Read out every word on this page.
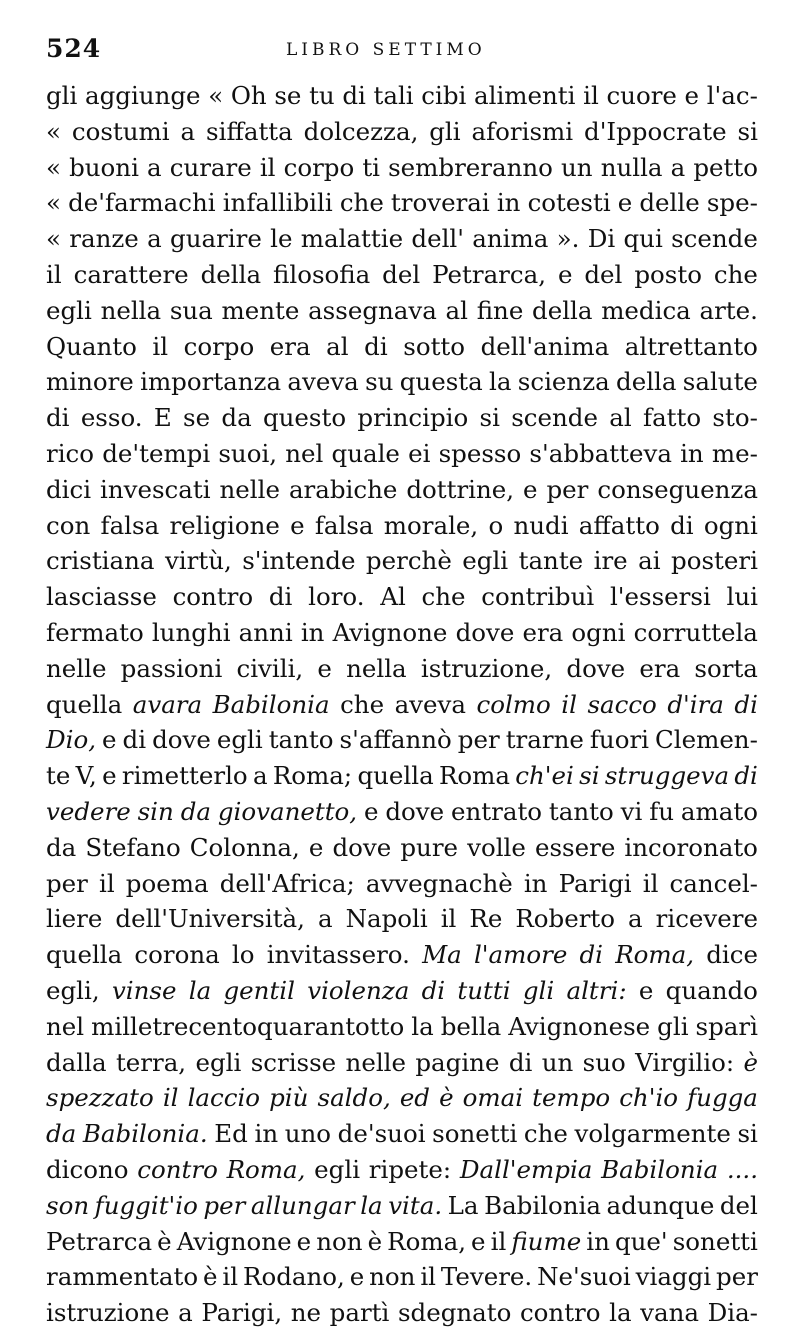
524	LIBRO SETTIMO
gli aggiunge « Oh se tu di tali cibi alimenti il cuore e l'ac-
« costumi a siffatta dolcezza, gli aforismi d'Ippocrate si
« buoni a curare il corpo ti sembreranno un nulla a petto
« de'farmachi infallibili che troverai in cotesti e delle spe-
« ranze a guarire le malattie dell' anima ». Di qui scende
il carattere della filosofia del Petrarca, e del posto che
egli nella sua mente assegnava al fine della medica arte.
Quanto il corpo era al di sotto dell'anima altrettanto
minore importanza aveva su questa la scienza della salute
di esso. E se da questo principio si scende al fatto sto-
rico de'tempi suoi, nel quale ei spesso s'abbatteva in me-
dici invescati nelle arabiche dottrine, e per conseguenza
con falsa religione e falsa morale, o nudi affatto di ogni
cristiana virtù, s'intende perchè egli tante ire ai posteri
lasciasse contro di loro. Al che contribuì l'essersi lui
fermato lunghi anni in Avignone dove era ogni corruttela
nelle passioni civili, e nella istruzione, dove era sorta
quella avara Babilonia che aveva colmo il sacco d'ira di
Dio, e di dove egli tanto s'affannò per trarne fuori Clemen-
te V, e rimetterlo a Roma; quella Roma ch'ei si struggeva di
vedere sin da giovanetto, e dove entrato tanto vi fu amato
da Stefano Colonna, e dove pure volle essere incoronato
per il poema dell'Africa; avvegnachè in Parigi il cancel-
liere dell'Università, a Napoli il Re Roberto a ricevere
quella corona lo invitassero. Ma l'amore di Roma, dice
egli, vinse la gentil violenza di tutti gli altri: e quando
nel milletrecentoquarantotto la bella Avignonese gli sparì
dalla terra, egli scrisse nelle pagine di un suo Virgilio: è
spezzato il laccio più saldo, ed è omai tempo ch'io fugga
da Babilonia. Ed in uno de'suoi sonetti che volgarmente si
dicono contro Roma, egli ripete: Dall'empia Babilonia ....
son fuggit'io per allungar la vita. La Babilonia adunque del
Petrarca è Avignone e non è Roma, e il fiume in que' sonetti
rammentato è il Rodano, e non il Tevere. Ne'suoi viaggi per
istruzione a Parigi, ne partì sdegnato contro la vana Dia-
